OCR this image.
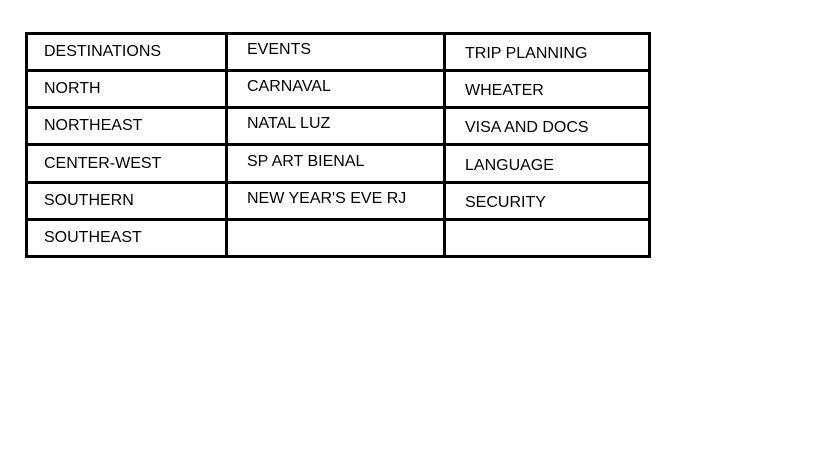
DESTINATIONS	EVENTS	TRIP PLANNING
NORTH	CARNAVAL	WHEATER
NORTHEAST	NATAL LUZ	VISA AND DOCS
CENTER-WEST	SP ART BIENAL	LANGUAGE
SOUTHERN	NEW YEAR'S EVE RJ	SECURITY
SOUTHEAST		
